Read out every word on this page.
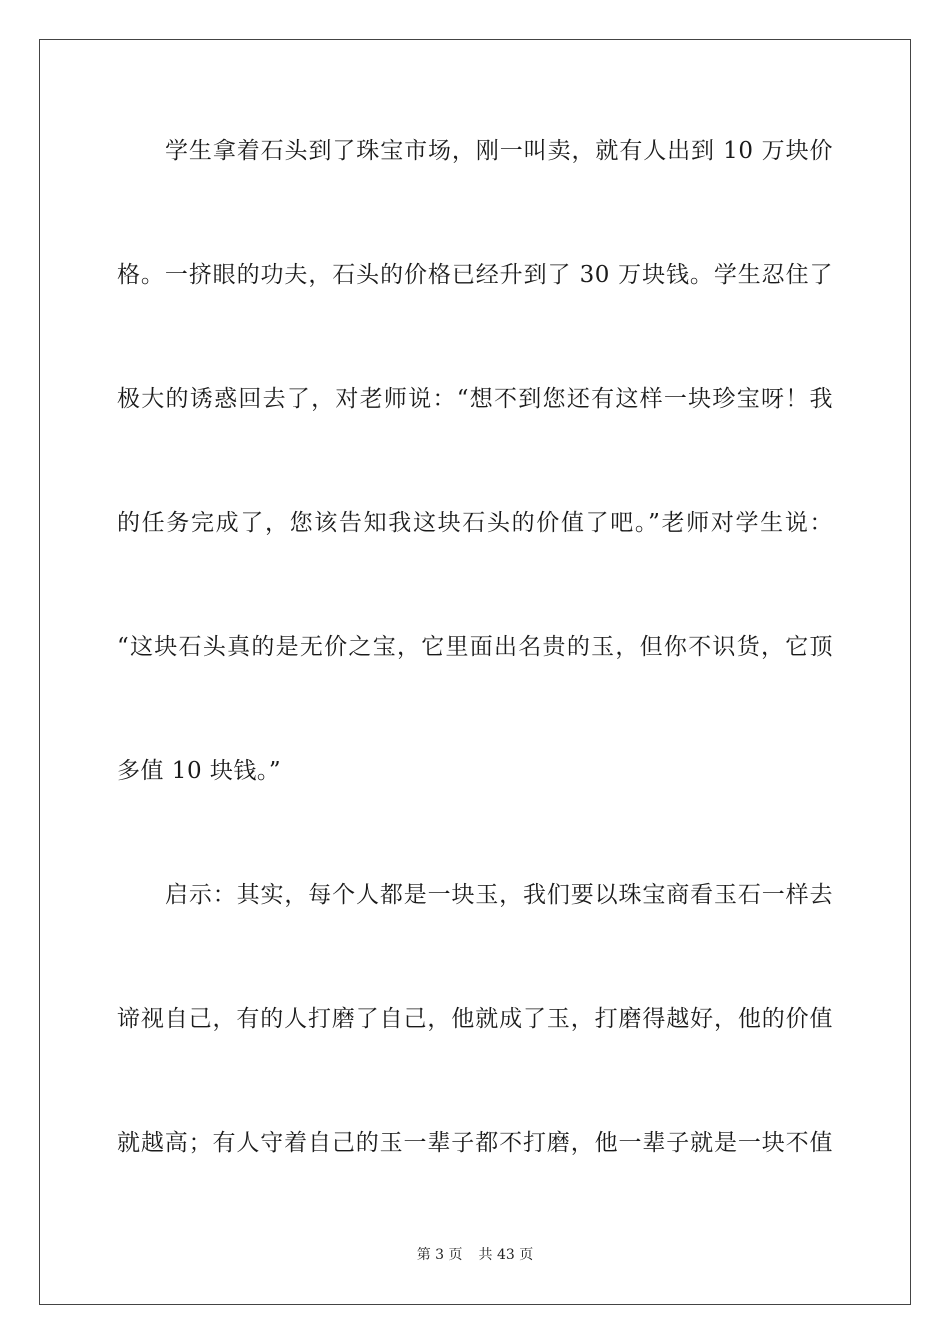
学生拿着石头到了珠宝市场，刚一叫卖，就有人出到 10 万块价
格。一挤眼的功夫，石头的价格已经升到了 30 万块钱。学生忍住了
极大的诱惑回去了，对老师说：“想不到您还有这样一块珍宝呀！我
的任务完成了，您该告知我这块石头的价值了吧。”老师对学生说：
“这块石头真的是无价之宝，它里面出名贵的玉，但你不识货，它顶
多值 10 块钱。”
启示：其实，每个人都是一块玉，我们要以珠宝商看玉石一样去
谛视自己，有的人打磨了自己，他就成了玉，打磨得越好，他的价值
就越高；有人守着自己的玉一辈子都不打磨，他一辈子就是一块不值
第 3 页 共 43 页
